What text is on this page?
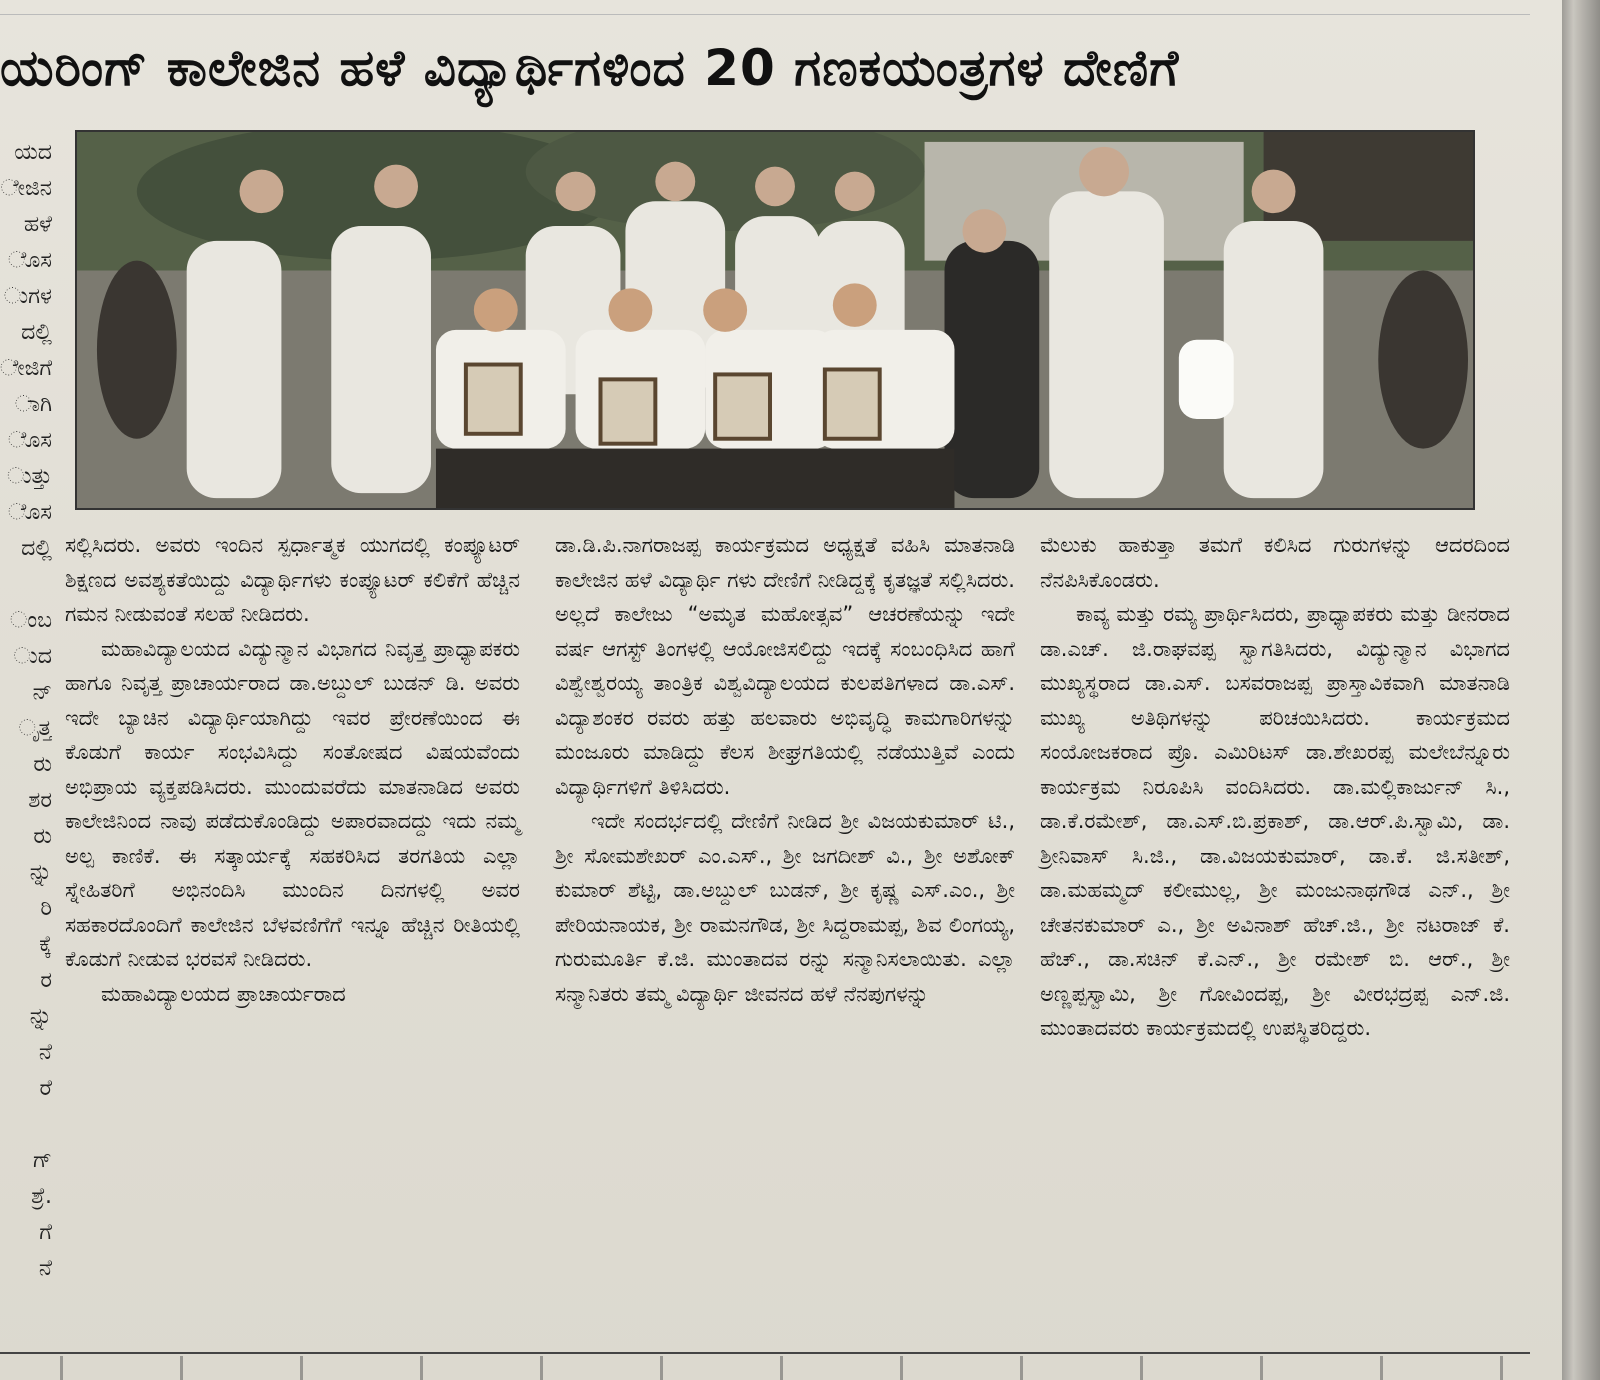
ಯರಿಂಗ್ ಕಾಲೇಜಿನ ಹಳೆ ವಿದ್ಯಾರ್ಥಿಗಳಿಂದ 20 ಗಣಕಯಂತ್ರಗಳ ದೇಣಿಗೆ
ಯದ
ೇಜಿನ
ಹಳೆ
ೊಸ
ುಗಳ
ದಲ್ಲಿ
ೇಜಿಗೆ
ಾಗಿ
ೊಸ
ುತ್ತು
ೊಸ
ದಲ್ಲಿ
ಂಬ
ುದ
ನ್
ೃತ್ತ
ರು
ಶರ
ರು
ನ್ನು
ರಿ
ಕ್ಕೆ
ರ
ನ್ನು
ನೆ
ರೆ
ಗ್
ಶ್ರೆ.
ಗೆ
ನೆ

ಸಲ್ಲಿಸಿದರು. ಅವರು ಇಂದಿನ ಸ್ಪರ್ಧಾತ್ಮಕ ಯುಗದಲ್ಲಿ ಕಂಪ್ಯೂಟರ್ ಶಿಕ್ಷಣದ ಅವಶ್ಯಕತೆಯಿದ್ದು ವಿದ್ಯಾರ್ಥಿಗಳು ಕಂಪ್ಯೂಟರ್ ಕಲಿಕೆಗೆ ಹೆಚ್ಚಿನ ಗಮನ ನೀಡುವಂತೆ ಸಲಹೆ ನೀಡಿದರು.

ಮಹಾವಿದ್ಯಾಲಯದ ವಿದ್ಯುನ್ಮಾನ ವಿಭಾಗದ ನಿವೃತ್ತ ಪ್ರಾಧ್ಯಾಪಕರು ಹಾಗೂ ನಿವೃತ್ತ ಪ್ರಾಚಾರ್ಯರಾದ ಡಾ.ಅಬ್ದುಲ್ ಬುಡನ್ ಡಿ. ಅವರು ಇದೇ ಬ್ಯಾಚಿನ ವಿದ್ಯಾರ್ಥಿಯಾಗಿದ್ದು ಇವರ ಪ್ರೇರಣೆಯಿಂದ ಈ ಕೊಡುಗೆ ಕಾರ್ಯ ಸಂಭವಿಸಿದ್ದು ಸಂತೋಷದ ವಿಷಯವೆಂದು ಅಭಿಪ್ರಾಯ ವ್ಯಕ್ತಪಡಿಸಿದರು. ಮುಂದುವರೆದು ಮಾತನಾಡಿದ ಅವರು ಕಾಲೇಜಿನಿಂದ ನಾವು ಪಡೆದುಕೊಂಡಿದ್ದು ಅಪಾರವಾದದ್ದು ಇದು ನಮ್ಮ ಅಲ್ಪ ಕಾಣಿಕೆ. ಈ ಸತ್ಕಾರ್ಯಕ್ಕೆ ಸಹಕರಿಸಿದ ತರಗತಿಯ ಎಲ್ಲಾ ಸ್ನೇಹಿತರಿಗೆ ಅಭಿನಂದಿಸಿ ಮುಂದಿನ ದಿನಗಳಲ್ಲಿ ಅವರ ಸಹಕಾರದೊಂದಿಗೆ ಕಾಲೇಜಿನ ಬೆಳವಣಿಗೆಗೆ ಇನ್ನೂ ಹೆಚ್ಚಿನ ರೀತಿಯಲ್ಲಿ ಕೊಡುಗೆ ನೀಡುವ ಭರವಸೆ ನೀಡಿದರು.

ಮಹಾವಿದ್ಯಾಲಯದ ಪ್ರಾಚಾರ್ಯರಾದ

ಡಾ.ಡಿ.ಪಿ.ನಾಗರಾಜಪ್ಪ ಕಾರ್ಯಕ್ರಮದ ಅಧ್ಯಕ್ಷತೆ ವಹಿಸಿ ಮಾತನಾಡಿ ಕಾಲೇಜಿನ ಹಳೆ ವಿದ್ಯಾರ್ಥಿ ಗಳು ದೇಣಿಗೆ ನೀಡಿದ್ದಕ್ಕೆ ಕೃತಜ್ಞತೆ ಸಲ್ಲಿಸಿದರು. ಅಲ್ಲದೆ ಕಾಲೇಜು “ಅಮೃತ ಮಹೋತ್ಸವ” ಆಚರಣೆಯನ್ನು ಇದೇ ವರ್ಷ ಆಗಸ್ಟ್ ತಿಂಗಳಲ್ಲಿ ಆಯೋಜಿಸಲಿದ್ದು ಇದಕ್ಕೆ ಸಂಬಂಧಿಸಿದ ಹಾಗೆ ವಿಶ್ವೇಶ್ವರಯ್ಯ ತಾಂತ್ರಿಕ ವಿಶ್ವವಿದ್ಯಾಲಯದ ಕುಲಪತಿಗಳಾದ ಡಾ.ಎಸ್. ವಿದ್ಯಾಶಂಕರ ರವರು ಹತ್ತು ಹಲವಾರು ಅಭಿವೃದ್ಧಿ ಕಾಮಗಾರಿಗಳನ್ನು ಮಂಜೂರು ಮಾಡಿದ್ದು ಕೆಲಸ ಶೀಘ್ರಗತಿಯಲ್ಲಿ ನಡೆಯುತ್ತಿವೆ ಎಂದು ವಿದ್ಯಾರ್ಥಿಗಳಿಗೆ ತಿಳಿಸಿದರು.

ಇದೇ ಸಂದರ್ಭದಲ್ಲಿ ದೇಣಿಗೆ ನೀಡಿದ ಶ್ರೀ ವಿಜಯಕುಮಾರ್ ಟಿ., ಶ್ರೀ ಸೋಮಶೇಖರ್ ಎಂ.ಎಸ್., ಶ್ರೀ ಜಗದೀಶ್ ವಿ., ಶ್ರೀ ಅಶೋಕ್ ಕುಮಾರ್ ಶೆಟ್ಟಿ, ಡಾ.ಅಬ್ದುಲ್ ಬುಡನ್, ಶ್ರೀ ಕೃಷ್ಣ ಎಸ್.ಎಂ., ಶ್ರೀ ಪೇರಿಯನಾಯಕ, ಶ್ರೀ ರಾಮನಗೌಡ, ಶ್ರೀ ಸಿದ್ದರಾಮಪ್ಪ, ಶಿವ ಲಿಂಗಯ್ಯ, ಗುರುಮೂರ್ತಿ ಕೆ.ಜಿ. ಮುಂತಾದವ ರನ್ನು ಸನ್ಮಾನಿಸಲಾಯಿತು. ಎಲ್ಲಾ ಸನ್ಮಾನಿತರು ತಮ್ಮ ವಿದ್ಯಾರ್ಥಿ ಜೀವನದ ಹಳೆ ನೆನಪುಗಳನ್ನು

ಮೆಲುಕು ಹಾಕುತ್ತಾ ತಮಗೆ ಕಲಿಸಿದ ಗುರುಗಳನ್ನು ಆದರದಿಂದ ನೆನಪಿಸಿಕೊಂಡರು.

ಕಾವ್ಯ ಮತ್ತು ರಮ್ಯ ಪ್ರಾರ್ಥಿಸಿದರು, ಪ್ರಾಧ್ಯಾಪಕರು ಮತ್ತು ಡೀನರಾದ ಡಾ.ಎಚ್. ಜಿ.ರಾಘವಪ್ಪ ಸ್ವಾಗತಿಸಿದರು, ವಿದ್ಯುನ್ಮಾನ ವಿಭಾಗದ ಮುಖ್ಯಸ್ಥರಾದ ಡಾ.ಎಸ್. ಬಸವರಾಜಪ್ಪ ಪ್ರಾಸ್ತಾವಿಕವಾಗಿ ಮಾತನಾಡಿ ಮುಖ್ಯ ಅತಿಥಿಗಳನ್ನು ಪರಿಚಯಿಸಿದರು. ಕಾರ್ಯಕ್ರಮದ ಸಂಯೋಜಕರಾದ ಪ್ರೊ. ಎಮಿರಿಟಸ್ ಡಾ.ಶೇಖರಪ್ಪ ಮಲೇಬೆನ್ನೂರು ಕಾರ್ಯಕ್ರಮ ನಿರೂಪಿಸಿ ವಂದಿಸಿದರು. ಡಾ.ಮಲ್ಲಿಕಾರ್ಜುನ್ ಸಿ., ಡಾ.ಕೆ.ರಮೇಶ್, ಡಾ.ಎಸ್.ಬಿ.ಪ್ರಕಾಶ್, ಡಾ.ಆರ್.ಪಿ.ಸ್ವಾಮಿ, ಡಾ. ಶ್ರೀನಿವಾಸ್ ಸಿ.ಜಿ., ಡಾ.ವಿಜಯಕುಮಾರ್, ಡಾ.ಕೆ. ಜಿ.ಸತೀಶ್, ಡಾ.ಮಹಮ್ಮದ್ ಕಲೀಮುಲ್ಲ, ಶ್ರೀ ಮಂಜುನಾಥಗೌಡ ಎನ್., ಶ್ರೀ ಚೇತನಕುಮಾರ್ ಎ., ಶ್ರೀ ಅವಿನಾಶ್ ಹೆಚ್.ಜಿ., ಶ್ರೀ ನಟರಾಜ್ ಕೆ. ಹೆಚ್., ಡಾ.ಸಚಿನ್ ಕೆ.ಎನ್., ಶ್ರೀ ರಮೇಶ್ ಬಿ. ಆರ್., ಶ್ರೀ ಅಣ್ಣಪ್ಪಸ್ವಾಮಿ, ಶ್ರೀ ಗೋವಿಂದಪ್ಪ, ಶ್ರೀ ವೀರಭದ್ರಪ್ಪ ಎನ್.ಜಿ. ಮುಂತಾದವರು ಕಾರ್ಯಕ್ರಮದಲ್ಲಿ ಉಪಸ್ಥಿತರಿದ್ದರು.
